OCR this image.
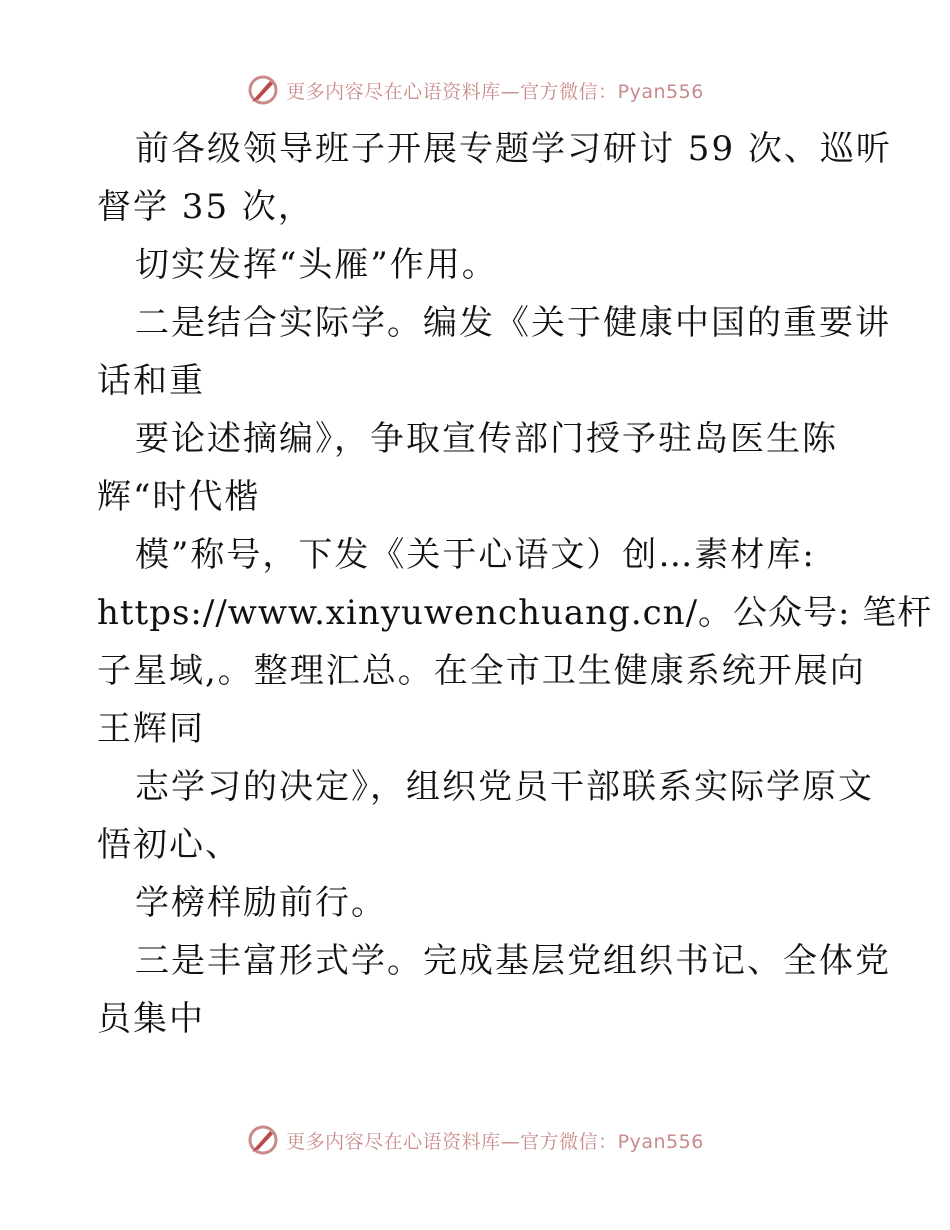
更多内容尽在心语资料库—官方微信：Pyan556
前各级领导班子开展专题学习研讨 59 次、巡听
督学 35 次，
切实发挥“头雁”作用。
二是结合实际学。编发《关于健康中国的重要讲
话和重
要论述摘编》，争取宣传部门授予驻岛医生陈
辉“时代楷
模”称号，下发《关于心语文）创…素材库:
https://www.xinyuwenchuang.cn/。公众号: 笔杆
子星域,。整理汇总。在全市卫生健康系统开展向
王辉同
志学习的决定》，组织党员干部联系实际学原文
悟初心、
学榜样励前行。
三是丰富形式学。完成基层党组织书记、全体党
员集中
更多内容尽在心语资料库—官方微信：Pyan556
